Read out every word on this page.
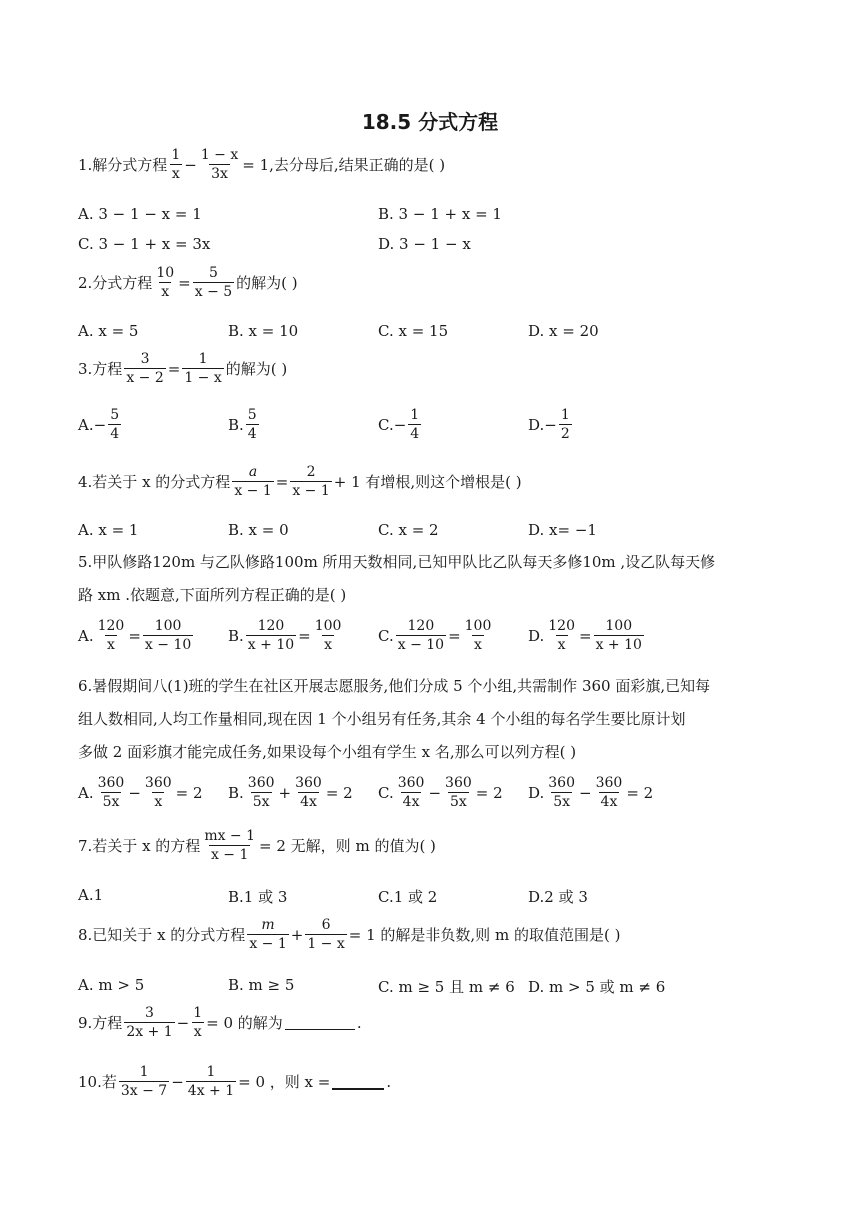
18.5 分式方程
1.解分式方程 $\frac{1}{x} - \frac{1 - x}{3x} = 1$,去分母后,结果正确的是( )
A. 3 − 1 − x = 1	B. 3 − 1 + x = 1
C. 3 − 1 + x = 3x	D. 3 − 1 − x
2.分式方程 $\frac{10}{x} = \frac{5}{x - 5}$ 的解为( )
A. x = 5	B. x = 10	C. x = 15	D. x = 20
3.方程 $\frac{3}{x - 2} = \frac{1}{1 - x}$ 的解为( )
A. − $\frac{5}{4}$	B. $\frac{5}{4}$	C. − $\frac{1}{4}$	D. − $\frac{1}{2}$
4.若关于 x 的分式方程 $\frac{a}{x - 1} = \frac{2}{x - 1} + 1$ 有增根,则这个增根是( )
A. x = 1	B. x = 0	C. x = 2	D. x= −1
5.甲队修路120m 与乙队修路100m 所用天数相同,已知甲队比乙队每天多修10m ,设乙队每天修
路 xm .依题意,下面所列方程正确的是( )
A. $\frac{120}{x} = \frac{100}{x - 10} B$. $\frac{120}{x + 10} = \frac{100}{x} C$. $\frac{120}{x - 10} = \frac{100}{x} D$. $\frac{120}{x} = \frac{100}{x + 10}$
6.暑假期间八(1)班的学生在社区开展志愿服务,他们分成 5 个小组,共需制作 360 面彩旗,已知每
组人数相同,人均工作量相同,现在因 1 个小组另有任务,其余 4 个小组的每名学生要比原计划
多做 2 面彩旗才能完成任务,如果设每个小组有学生 x 名,那么可以列方程( )
A. $\frac{360}{5x} - \frac{360}{x} = 2$ B. $\frac{360}{5x} + \frac{360}{4x} = 2$ C. $\frac{360}{4x} - \frac{360}{5x} = 2$ D. $\frac{360}{5x} - \frac{360}{4x} = 2$
7.若关于 x 的方程 $\frac{mx - 1}{x - 1} = 2$ 无解，则 m 的值为( )
A.1	B.1 或 3	C.1 或 2	D.2 或 3
8.已知关于 x 的分式方程 $\frac{m}{x - 1} + \frac{6}{1 - x} = 1$ 的解是非负数,则 m 的取值范围是( )
A. m > 5	B. m ≥ 5	C. m ≥ 5 且 m ≠ 6 D. m > 5 或 m ≠ 6
9.方程 $\frac{3}{2x + 1} - \frac{1}{x} = 0$ 的解为	.
10.若 $\frac{1}{3x - 7} - \frac{1}{4x + 1} = 0$ ，则 x =	.
